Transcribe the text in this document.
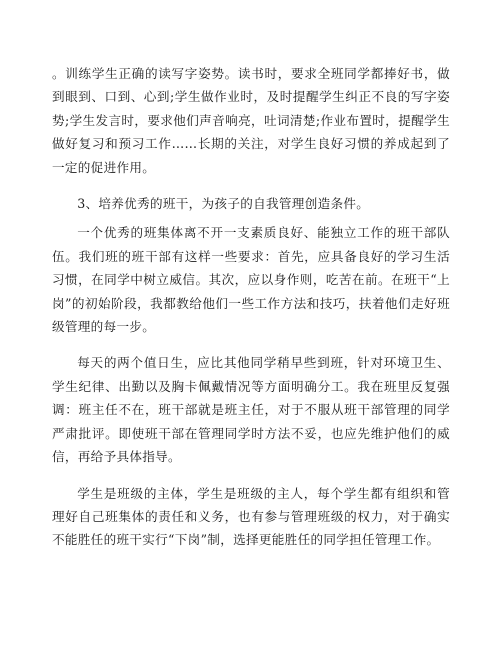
。训练学生正确的读写字姿势。读书时，要求全班同学都捧好书，做到眼到、口到、心到;学生做作业时，及时提醒学生纠正不良的写字姿势;学生发言时，要求他们声音响亮，吐词清楚;作业布置时，提醒学生做好复习和预习工作……长期的关注，对学生良好习惯的养成起到了一定的促进作用。

3、培养优秀的班干，为孩子的自我管理创造条件。

一个优秀的班集体离不开一支素质良好、能独立工作的班干部队伍。我们班的班干部有这样一些要求：首先，应具备良好的学习生活习惯，在同学中树立威信。其次，应以身作则，吃苦在前。在班干“上岗”的初始阶段，我都教给他们一些工作方法和技巧，扶着他们走好班级管理的每一步。

每天的两个值日生，应比其他同学稍早些到班，针对环境卫生、学生纪律、出勤以及胸卡佩戴情况等方面明确分工。我在班里反复强调：班主任不在，班干部就是班主任，对于不服从班干部管理的同学严肃批评。即使班干部在管理同学时方法不妥，也应先维护他们的威信，再给予具体指导。

学生是班级的主体，学生是班级的主人，每个学生都有组织和管理好自己班集体的责任和义务，也有参与管理班级的权力，对于确实不能胜任的班干实行“下岗”制，选择更能胜任的同学担任管理工作。
